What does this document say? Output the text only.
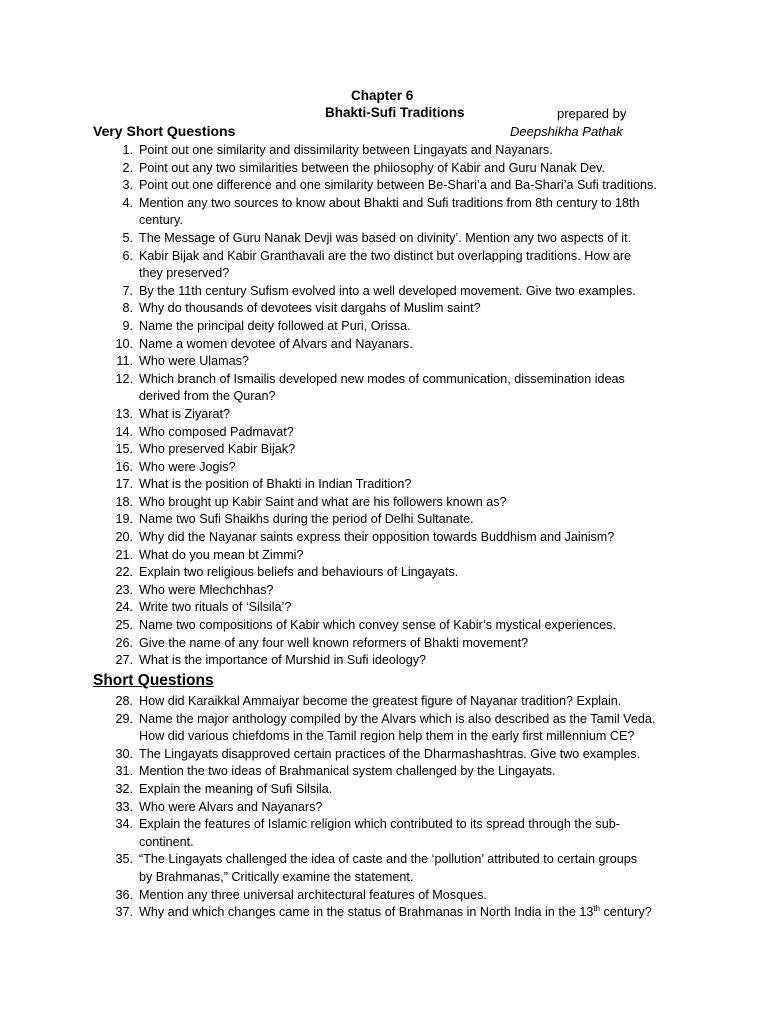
Chapter 6
Bhakti-Sufi Traditions	prepared by
Deepshikha Pathak
Very Short Questions
1. Point out one similarity and dissimilarity between Lingayats and Nayanars.
2. Point out any two similarities between the philosophy of Kabir and Guru Nanak Dev.
3. Point out one difference and one similarity between Be-Shari’a and Ba-Shari’a Sufi traditions.
4. Mention any two sources to know about Bhakti and Sufi traditions from 8th century to 18th
century.
5. The Message of Guru Nanak Devji was based on divinity’. Mention any two aspects of it.
6. Kabir Bijak and Kabir Granthavali are the two distinct but overlapping traditions. How are
they preserved?
7. By the 11th century Sufism evolved into a well developed movement. Give two examples.
8. Why do thousands of devotees visit dargahs of Muslim saint?
9. Name the principal deity followed at Puri, Orissa.
10. Name a women devotee of Alvars and Nayanars.
11. Who were Ulamas?
12. Which branch of Ismailis developed new modes of communication, dissemination ideas
derived from the Quran?
13. What is Ziyarat?
14. Who composed Padmavat?
15. Who preserved Kabir Bijak?
16. Who were Jogis?
17. What is the position of Bhakti in Indian Tradition?
18. Who brought up Kabir Saint and what are his followers known as?
19. Name two Sufi Shaikhs during the period of Delhi Sultanate.
20. Why did the Nayanar saints express their opposition towards Buddhism and Jainism?
21. What do you mean bt Zimmi?
22. Explain two religious beliefs and behaviours of Lingayats.
23. Who were Mlechchhas?
24. Write two rituals of ‘Silsila’?
25. Name two compositions of Kabir which convey sense of Kabir’s mystical experiences.
26. Give the name of any four well known reformers of Bhakti movement?
27. What is the importance of Murshid in Sufi ideology?
Short Questions
28. How did Karaikkal Ammaiyar become the greatest figure of Nayanar tradition? Explain.
29. Name the major anthology compiled by the Alvars which is also described as the Tamil Veda.
How did various chiefdoms in the Tamil region help them in the early first millennium CE?
30. The Lingayats disapproved certain practices of the Dharmashashtras. Give two examples.
31. Mention the two ideas of Brahmanical system challenged by the Lingayats.
32. Explain the meaning of Sufi Silsila.
33. Who were Alvars and Nayanars?
34. Explain the features of Islamic religion which contributed to its spread through the sub-
continent.
35. “The Lingayats challenged the idea of caste and the ‘pollution’ attributed to certain groups
by Brahmanas,” Critically examine the statement.
36. Mention any three universal architectural features of Mosques.
37. Why and which changes came in the status of Brahmanas in North India in the 13th century?
